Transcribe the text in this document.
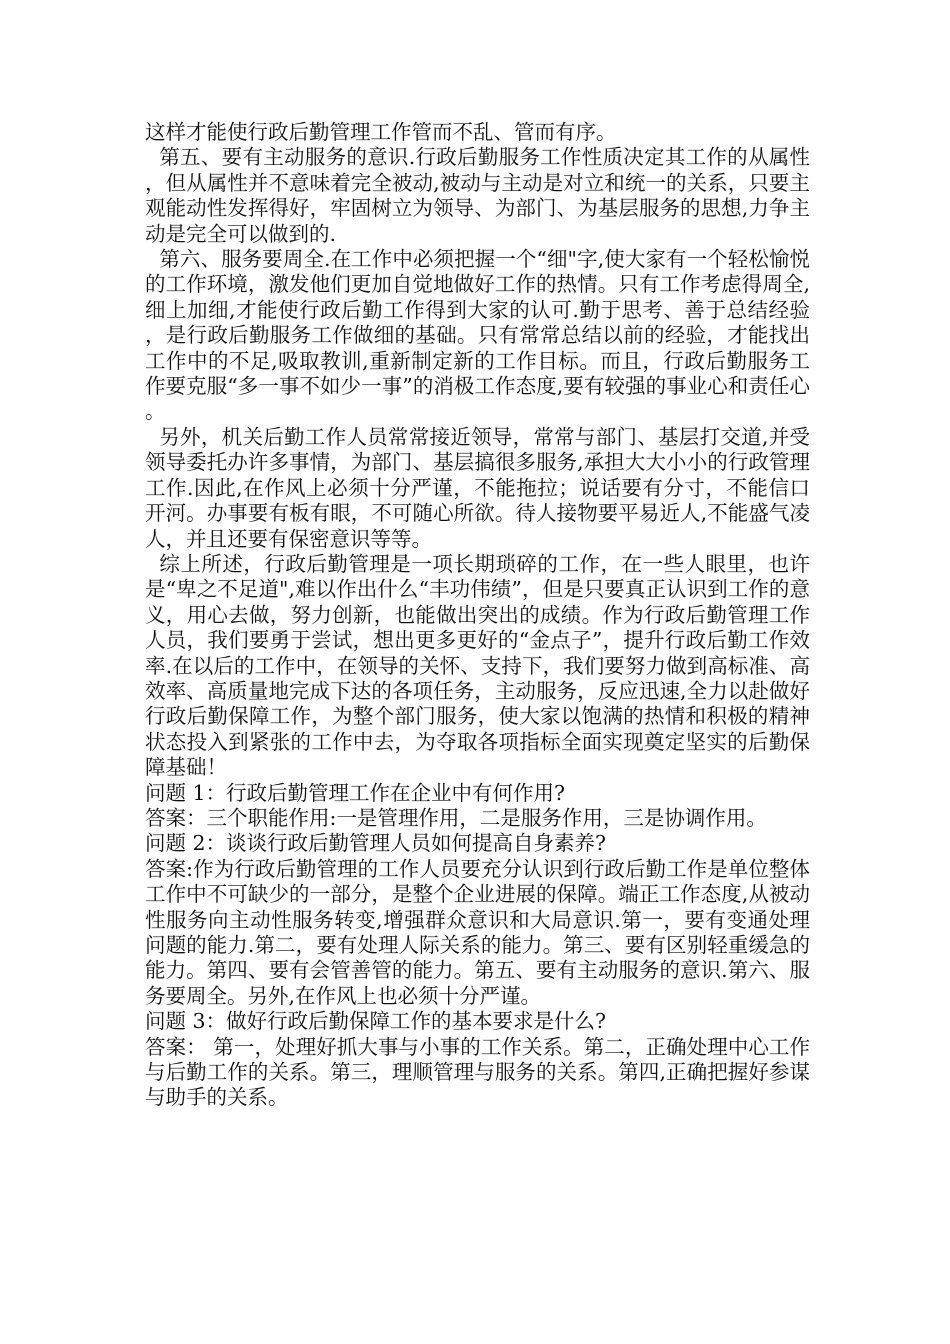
这样才能使行政后勤管理工作管而不乱、管而有序。

第五、要有主动服务的意识.行政后勤服务工作性质决定其工作的从属性，但从属性并不意味着完全被动,被动与主动是对立和统一的关系，只要主观能动性发挥得好，牢固树立为领导、为部门、为基层服务的思想,力争主动是完全可以做到的.

第六、服务要周全.在工作中必须把握一个“细"字,使大家有一个轻松愉悦的工作环境，激发他们更加自觉地做好工作的热情。只有工作考虑得周全,细上加细,才能使行政后勤工作得到大家的认可.勤于思考、善于总结经验，是行政后勤服务工作做细的基础。只有常常总结以前的经验，才能找出工作中的不足,吸取教训,重新制定新的工作目标。而且，行政后勤服务工作要克服“多一事不如少一事”的消极工作态度,要有较强的事业心和责任心。

另外，机关后勤工作人员常常接近领导，常常与部门、基层打交道,并受领导委托办许多事情，为部门、基层搞很多服务,承担大大小小的行政管理工作.因此,在作风上必须十分严谨，不能拖拉；说话要有分寸，不能信口开河。办事要有板有眼，不可随心所欲。待人接物要平易近人,不能盛气凌人，并且还要有保密意识等等。

综上所述，行政后勤管理是一项长期琐碎的工作，在一些人眼里，也许是“卑之不足道",难以作出什么“丰功伟绩”，但是只要真正认识到工作的意义，用心去做，努力创新，也能做出突出的成绩。作为行政后勤管理工作人员，我们要勇于尝试，想出更多更好的“金点子”，提升行政后勤工作效率.在以后的工作中，在领导的关怀、支持下，我们要努力做到高标准、高效率、高质量地完成下达的各项任务，主动服务，反应迅速,全力以赴做好行政后勤保障工作，为整个部门服务，使大家以饱满的热情和积极的精神状态投入到紧张的工作中去，为夺取各项指标全面实现奠定坚实的后勤保障基础！

问题 1：行政后勤管理工作在企业中有何作用?

答案：三个职能作用:一是管理作用，二是服务作用，三是协调作用。

问题 2：谈谈行政后勤管理人员如何提高自身素养?

答案:作为行政后勤管理的工作人员要充分认识到行政后勤工作是单位整体工作中不可缺少的一部分，是整个企业进展的保障。端正工作态度,从被动性服务向主动性服务转变,增强群众意识和大局意识.第一，要有变通处理问题的能力.第二，要有处理人际关系的能力。第三、要有区别轻重缓急的能力。第四、要有会管善管的能力。第五、要有主动服务的意识.第六、服务要周全。另外,在作风上也必须十分严谨。

问题 3：做好行政后勤保障工作的基本要求是什么?

答案： 第一，处理好抓大事与小事的工作关系。第二，正确处理中心工作与后勤工作的关系。第三，理顺管理与服务的关系。第四,正确把握好参谋与助手的关系。
